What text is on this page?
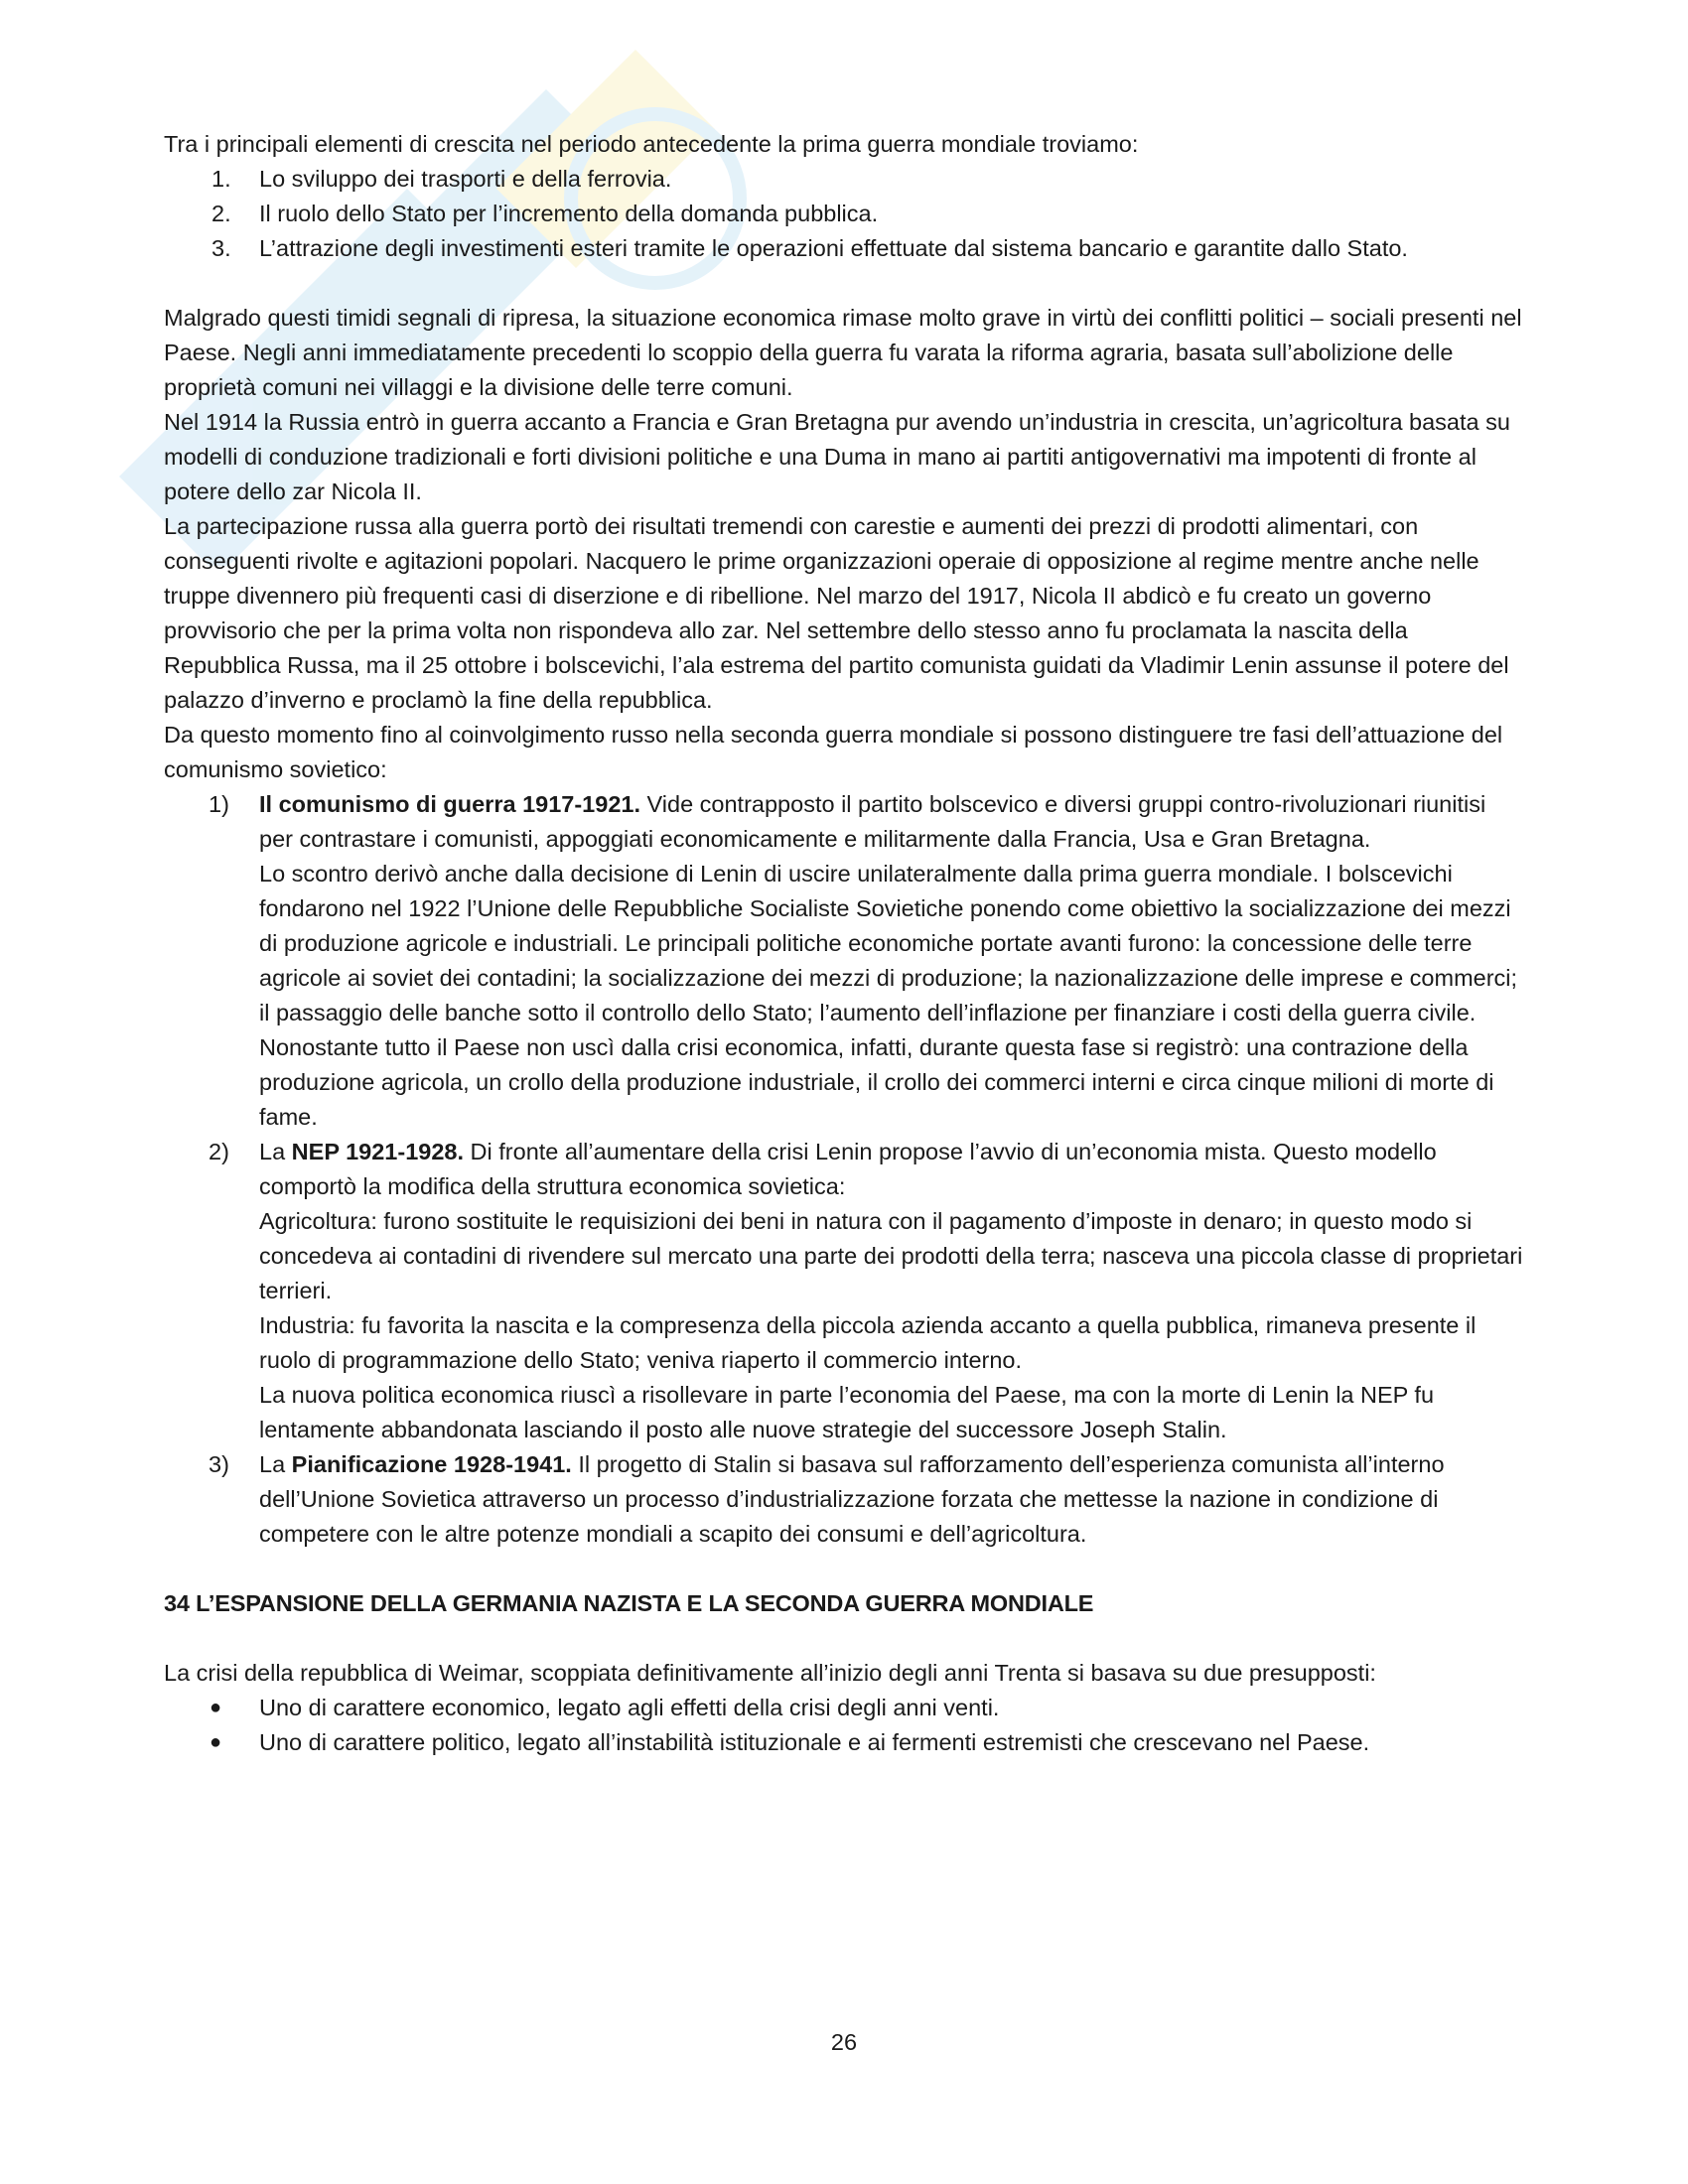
Tra i principali elementi di crescita nel periodo antecedente la prima guerra mondiale troviamo:

1. Lo sviluppo dei trasporti e della ferrovia.
2. Il ruolo dello Stato per l’incremento della domanda pubblica.
3. L’attrazione degli investimenti esteri tramite le operazioni effettuate dal sistema bancario e garantite dallo Stato.

Malgrado questi timidi segnali di ripresa, la situazione economica rimase molto grave in virtù dei conflitti politici – sociali presenti nel Paese. Negli anni immediatamente precedenti lo scoppio della guerra fu varata la riforma agraria, basata sull’abolizione delle proprietà comuni nei villaggi e la divisione delle terre comuni.

Nel 1914 la Russia entrò in guerra accanto a Francia e Gran Bretagna pur avendo un’industria in crescita, un’agricoltura basata su modelli di conduzione tradizionali e forti divisioni politiche e una Duma in mano ai partiti antigovernativi ma impotenti di fronte al potere dello zar Nicola II.

La partecipazione russa alla guerra portò dei risultati tremendi con carestie e aumenti dei prezzi di prodotti alimentari, con conseguenti rivolte e agitazioni popolari. Nacquero le prime organizzazioni operaie di opposizione al regime mentre anche nelle truppe divennero più frequenti casi di diserzione e di ribellione. Nel marzo del 1917, Nicola II abdicò e fu creato un governo provvisorio che per la prima volta non rispondeva allo zar. Nel settembre dello stesso anno fu proclamata la nascita della Repubblica Russa, ma il 25 ottobre i bolscevichi, l’ala estrema del partito comunista guidati da Vladimir Lenin assunse il potere del palazzo d’inverno e proclamò la fine della repubblica.

Da questo momento fino al coinvolgimento russo nella seconda guerra mondiale si possono distinguere tre fasi dell’attuazione del comunismo sovietico:

1) Il comunismo di guerra 1917-1921. Vide contrapposto il partito bolscevico e diversi gruppi contro-rivoluzionari riunitisi per contrastare i comunisti, appoggiati economicamente e militarmente dalla Francia, Usa e Gran Bretagna.

Lo scontro derivò anche dalla decisione di Lenin di uscire unilateralmente dalla prima guerra mondiale. I bolscevichi fondarono nel 1922 l’Unione delle Repubbliche Socialiste Sovietiche ponendo come obiettivo la socializzazione dei mezzi di produzione agricole e industriali. Le principali politiche economiche portate avanti furono: la concessione delle terre agricole ai soviet dei contadini; la socializzazione dei mezzi di produzione; la nazionalizzazione delle imprese e commerci; il passaggio delle banche sotto il controllo dello Stato; l’aumento dell’inflazione per finanziare i costi della guerra civile.

Nonostante tutto il Paese non uscì dalla crisi economica, infatti, durante questa fase si registrò: una contrazione della produzione agricola, un crollo della produzione industriale, il crollo dei commerci interni e circa cinque milioni di morte di fame.

2) La NEP 1921-1928. Di fronte all’aumentare della crisi Lenin propose l’avvio di un’economia mista. Questo modello comportò la modifica della struttura economica sovietica:

Agricoltura: furono sostituite le requisizioni dei beni in natura con il pagamento d’imposte in denaro; in questo modo si concedeva ai contadini di rivendere sul mercato una parte dei prodotti della terra; nasceva una piccola classe di proprietari terrieri.

Industria: fu favorita la nascita e la compresenza della piccola azienda accanto a quella pubblica, rimaneva presente il ruolo di programmazione dello Stato; veniva riaperto il commercio interno.

La nuova politica economica riuscì a risollevare in parte l’economia del Paese, ma con la morte di Lenin la NEP fu lentamente abbandonata lasciando il posto alle nuove strategie del successore Joseph Stalin.

3) La Pianificazione 1928-1941. Il progetto di Stalin si basava sul rafforzamento dell’esperienza comunista all’interno dell’Unione Sovietica attraverso un processo d’industrializzazione forzata che mettesse la nazione in condizione di competere con le altre potenze mondiali a scapito dei consumi e dell’agricoltura.

34 L’ESPANSIONE DELLA GERMANIA NAZISTA E LA SECONDA GUERRA MONDIALE

La crisi della repubblica di Weimar, scoppiata definitivamente all’inizio degli anni Trenta si basava su due presupposti:

● Uno di carattere economico, legato agli effetti della crisi degli anni venti.
● Uno di carattere politico, legato all’instabilità istituzionale e ai fermenti estremisti che crescevano nel Paese.
26
